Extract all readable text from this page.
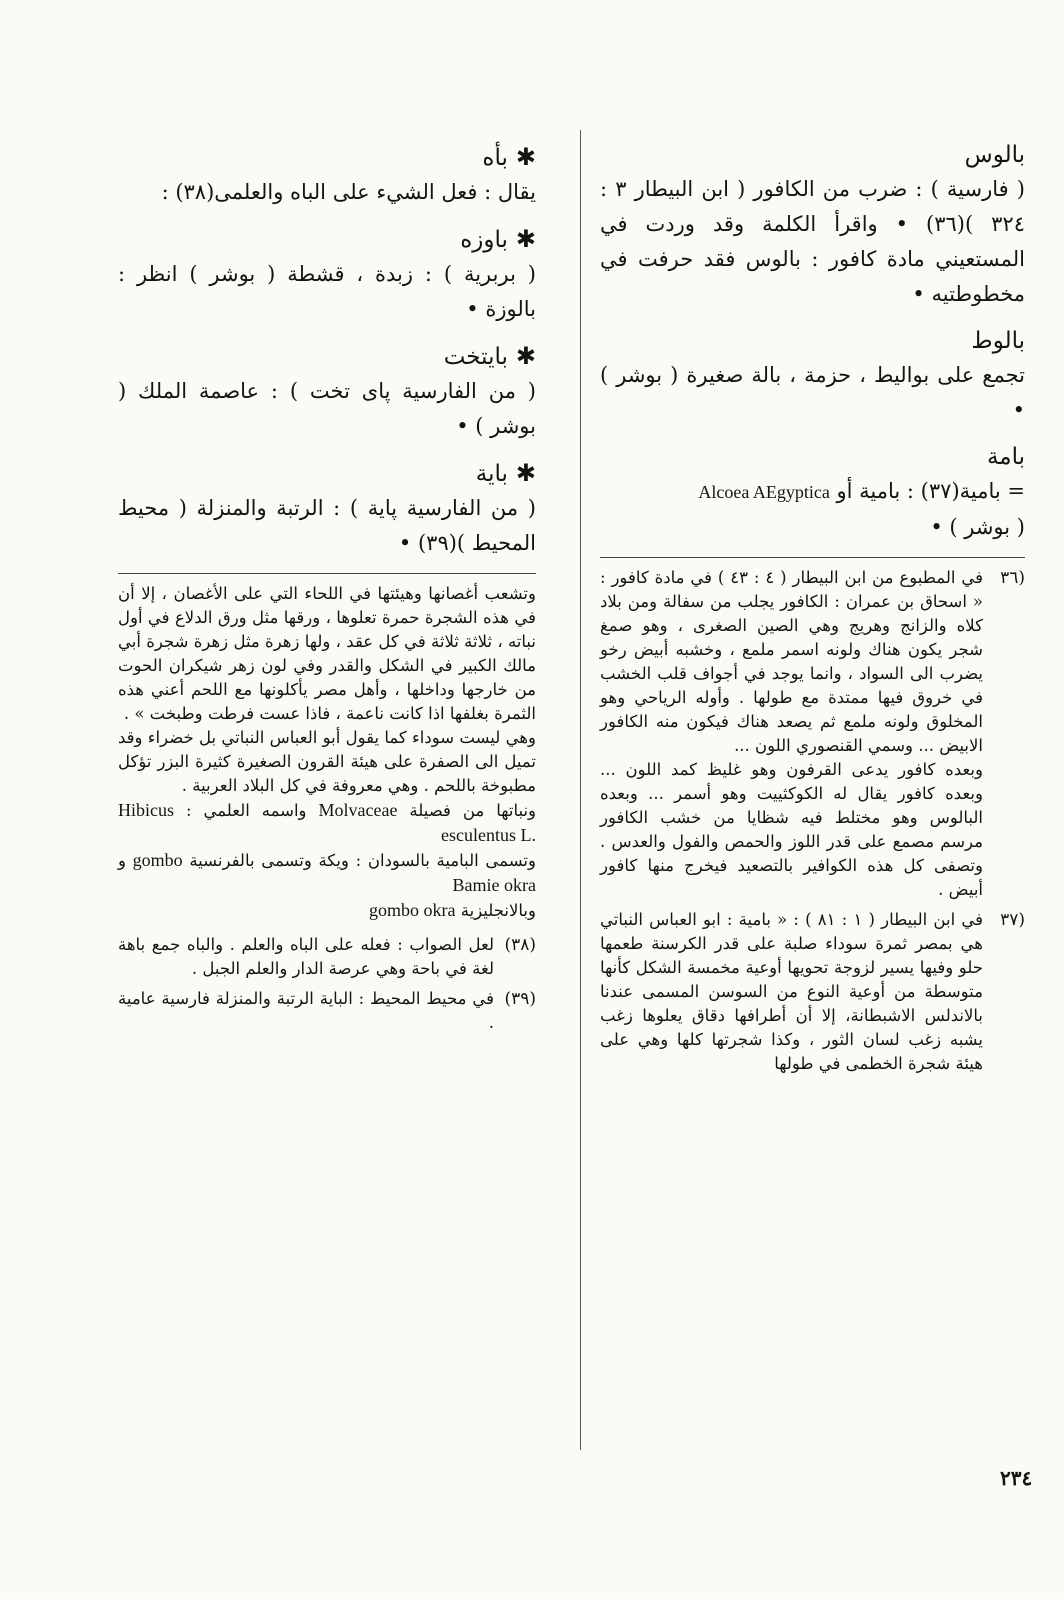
بالوس

( فارسية ) : ضرب من الكافور ( ابن البيطار ٣ : ٣٢٤ )(٣٦) • واقرأ الكلمة وقد وردت في المستعيني مادة كافور : بالوس فقد حرفت في مخطوطتيه •

بالوط

تجمع على بواليط ، حزمة ، بالة صغيرة ( بوشر ) •

بامة

= بامية(٣٧) : بامية أو Alcoea AEgyptica

( بوشر ) •

(٣٦

في المطبوع من ابن البيطار ( ٤ : ٤٣ ) في مادة كافور : « اسحاق بن عمران : الكافور يجلب من سفالة ومن بلاد كلاه والزانج وهريج وهي الصين الصغرى ، وهو صمغ شجر يكون هناك ولونه اسمر ملمع ، وخشبه أبيض رخو يضرب الى السواد ، وانما يوجد في أجواف قلب الخشب في خروق فيها ممتدة مع طولها . وأوله الرياحي وهو المخلوق ولونه ملمع ثم يصعد هناك فيكون منه الكافور الابيض ... وسمي القنصوري اللون ...

وبعده كافور يدعى القرفون وهو غليظ كمد اللون ... وبعده كافور يقال له الكوكثييت وهو أسمر ... وبعده البالوس وهو مختلط فيه شظايا من خشب الكافور مرسم مصمع على قدر اللوز والحمص والفول والعدس . وتصفى كل هذه الكوافير بالتصعيد فيخرج منها كافور أبيض .

(٣٧

في ابن البيطار ( ١ : ٨١ ) : « بامية : ابو العباس النباتي هي بمصر ثمرة سوداء صلبة على قدر الكرسنة طعمها حلو وفيها يسير لزوجة تحويها أوعية مخمسة الشكل كأنها متوسطة من أوعية النوع من السوسن المسمى عندنا بالاندلس الاشبطانة، إلا أن أطرافها دقاق يعلوها زغب يشبه زغب لسان الثور ، وكذا شجرتها كلها وهي على هيئة شجرة الخطمى في طولها

✱بأه

يقال : فعل الشيء على الباه والعلمى(٣٨) :

✱باوزه

( بربرية ) : زبدة ، قشطة ( بوشر ) انظر : بالوزة •

✱بايتخت

( من الفارسية پای تخت ) : عاصمة الملك ( بوشر ) •

✱باية

( من الفارسية پاية ) : الرتبة والمنزلة ( محيط المحيط )(٣٩) •

وتشعب أغصانها وهيئتها في اللحاء التي على الأغصان ، إلا أن في هذه الشجرة حمرة تعلوها ، ورقها مثل ورق الدلاع في أول نباته ، ثلاثة ثلاثة في كل عقد ، ولها زهرة مثل زهرة شجرة أبي مالك الكبير في الشكل والقدر وفي لون زهر شيكران الحوت من خارجها وداخلها ، وأهل مصر يأكلونها مع اللحم أعني هذه الثمرة بغلفها اذا كانت ناعمة ، فاذا عست فرطت وطبخت » .

وهي ليست سوداء كما يقول أبو العباس النباتي بل خضراء وقد تميل الى الصفرة على هيئة القرون الصغيرة كثيرة البزر تؤكل مطبوخة باللحم . وهي معروفة في كل البلاد العربية .

ونباتها من فصيلة Molvaceae واسمه العلمي : Hibicus esculentus L.

وتسمى البامية بالسودان : ويكة وتسمى بالفرنسية gombo و Bamie okra

وبالانجليزية gombo okra

(٣٨)
لعل الصواب : فعله على الباه والعلم . والباه جمع باهة لغة في باحة وهي عرصة الدار والعلم الجبل .
(٣٩)
في محيط المحيط : الباية الرتبة والمنزلة فارسية عامية .
٢٣٤
